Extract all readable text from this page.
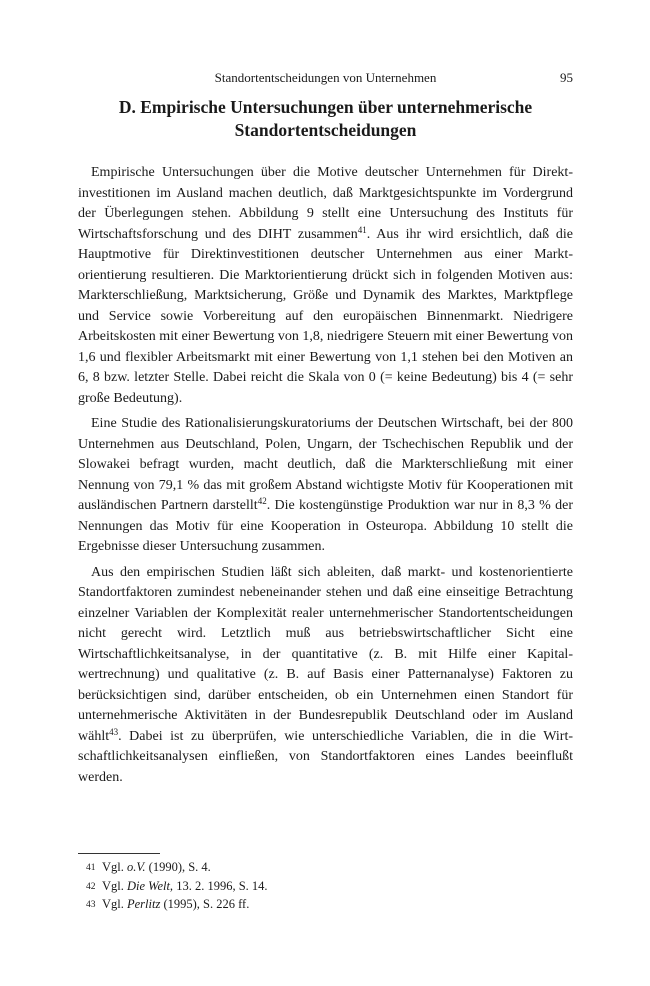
Standortentscheidungen von Unternehmen	95
D. Empirische Untersuchungen über unternehmerische
Standortentscheidungen

Empirische Untersuchungen über die Motive deutscher Unternehmen für Direktinvestitionen im Ausland machen deutlich, daß Marktgesichtspunkte im Vordergrund der Überlegungen stehen. Abbildung 9 stellt eine Untersuchung des Instituts für Wirtschaftsforschung und des DIHT zusammen$^{41}$. Aus ihr wird ersichtlich, daß die Hauptmotive für Direktinvestitionen deutscher Unternehmen aus einer Marktorientierung resultieren. Die Marktorientierung drückt sich in folgenden Motiven aus: Markterschließung, Marktsicherung, Größe und Dynamik des Marktes, Marktpflege und Service sowie Vorbereitung auf den europäischen Binnenmarkt. Niedrigere Arbeitskosten mit einer Bewertung von 1,8, niedrigere Steuern mit einer Bewertung von 1,6 und flexibler Arbeitsmarkt mit einer Bewertung von 1,1 stehen bei den Motiven an 6, 8 bzw. letzter Stelle. Dabei reicht die Skala von 0 (= keine Bedeutung) bis 4 (= sehr große Bedeutung).

Eine Studie des Rationalisierungskuratoriums der Deutschen Wirtschaft, bei der 800 Unternehmen aus Deutschland, Polen, Ungarn, der Tschechischen Republik und der Slowakei befragt wurden, macht deutlich, daß die Markterschließung mit einer Nennung von 79,1 % das mit großem Abstand wichtigste Motiv für Kooperationen mit ausländischen Partnern darstellt$^{42}$. Die kostengünstige Produktion war nur in 8,3 % der Nennungen das Motiv für eine Kooperation in Osteuropa. Abbildung 10 stellt die Ergebnisse dieser Untersuchung zusammen.

Aus den empirischen Studien läßt sich ableiten, daß markt- und kostenorientierte Standortfaktoren zumindest nebeneinander stehen und daß eine einseitige Betrachtung einzelner Variablen der Komplexität realer unternehmerischer Standortentscheidungen nicht gerecht wird. Letztlich muß aus betriebswirtschaftlicher Sicht eine Wirtschaftlichkeitsanalyse, in der quantitative (z. B. mit Hilfe einer Kapitalwertrechnung) und qualitative (z. B. auf Basis einer Patternanalyse) Faktoren zu berücksichtigen sind, darüber entscheiden, ob ein Unternehmen einen Standort für unternehmerische Aktivitäten in der Bundesrepublik Deutschland oder im Ausland wählt$^{43}$. Dabei ist zu überprüfen, wie unterschiedliche Variablen, die in die Wirtschaftlichkeitsanalysen einfließen, von Standortfaktoren eines Landes beeinflußt werden.

41 Vgl. o.V. (1990), S. 4.
42 Vgl. Die Welt, 13. 2. 1996, S. 14.
43 Vgl. Perlitz (1995), S. 226 ff.
